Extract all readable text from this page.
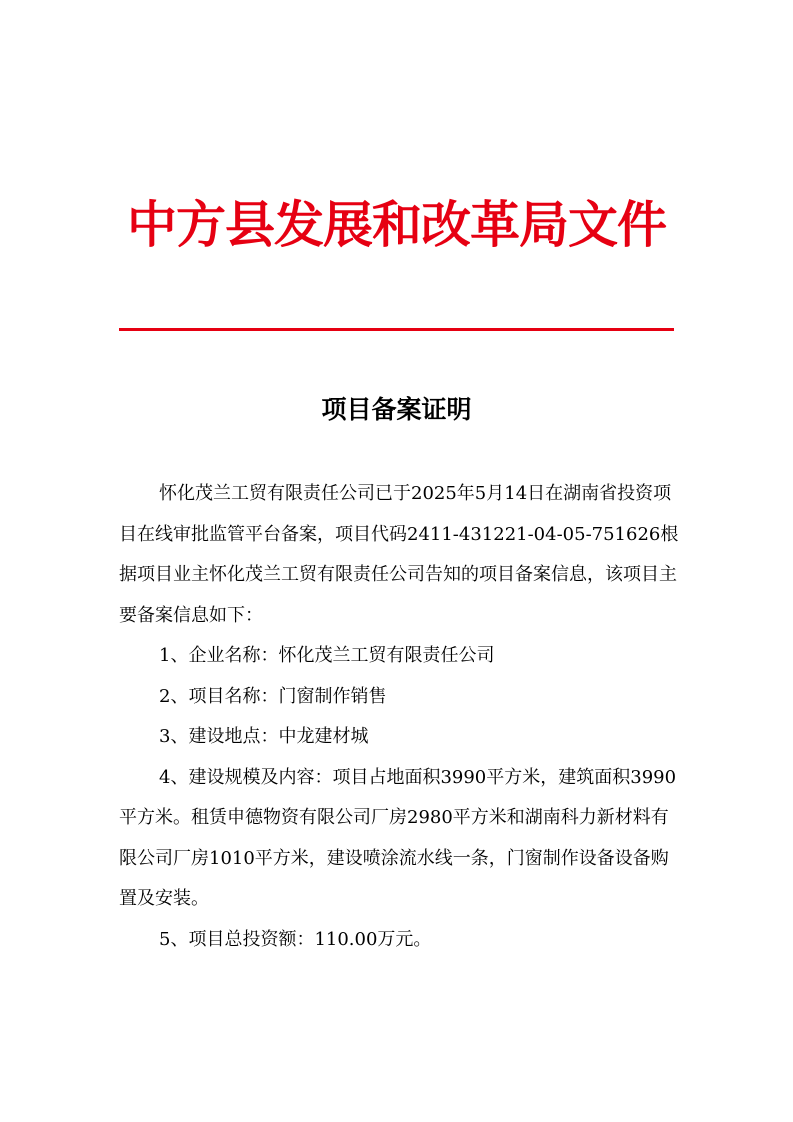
中方县发展和改革局文件
项目备案证明

怀化茂兰工贸有限责任公司已于2025年5月14日在湖南省投资项目在线审批监管平台备案，项目代码2411-431221-04-05-751626根据项目业主怀化茂兰工贸有限责任公司告知的项目备案信息，该项目主要备案信息如下：

1、企业名称：怀化茂兰工贸有限责任公司

2、项目名称：门窗制作销售

3、建设地点：中龙建材城

4、建设规模及内容：项目占地面积3990平方米，建筑面积3990平方米。租赁申德物资有限公司厂房2980平方米和湖南科力新材料有限公司厂房1010平方米，建设喷涂流水线一条，门窗制作设备设备购置及安装。

5、项目总投资额：110.00万元。
